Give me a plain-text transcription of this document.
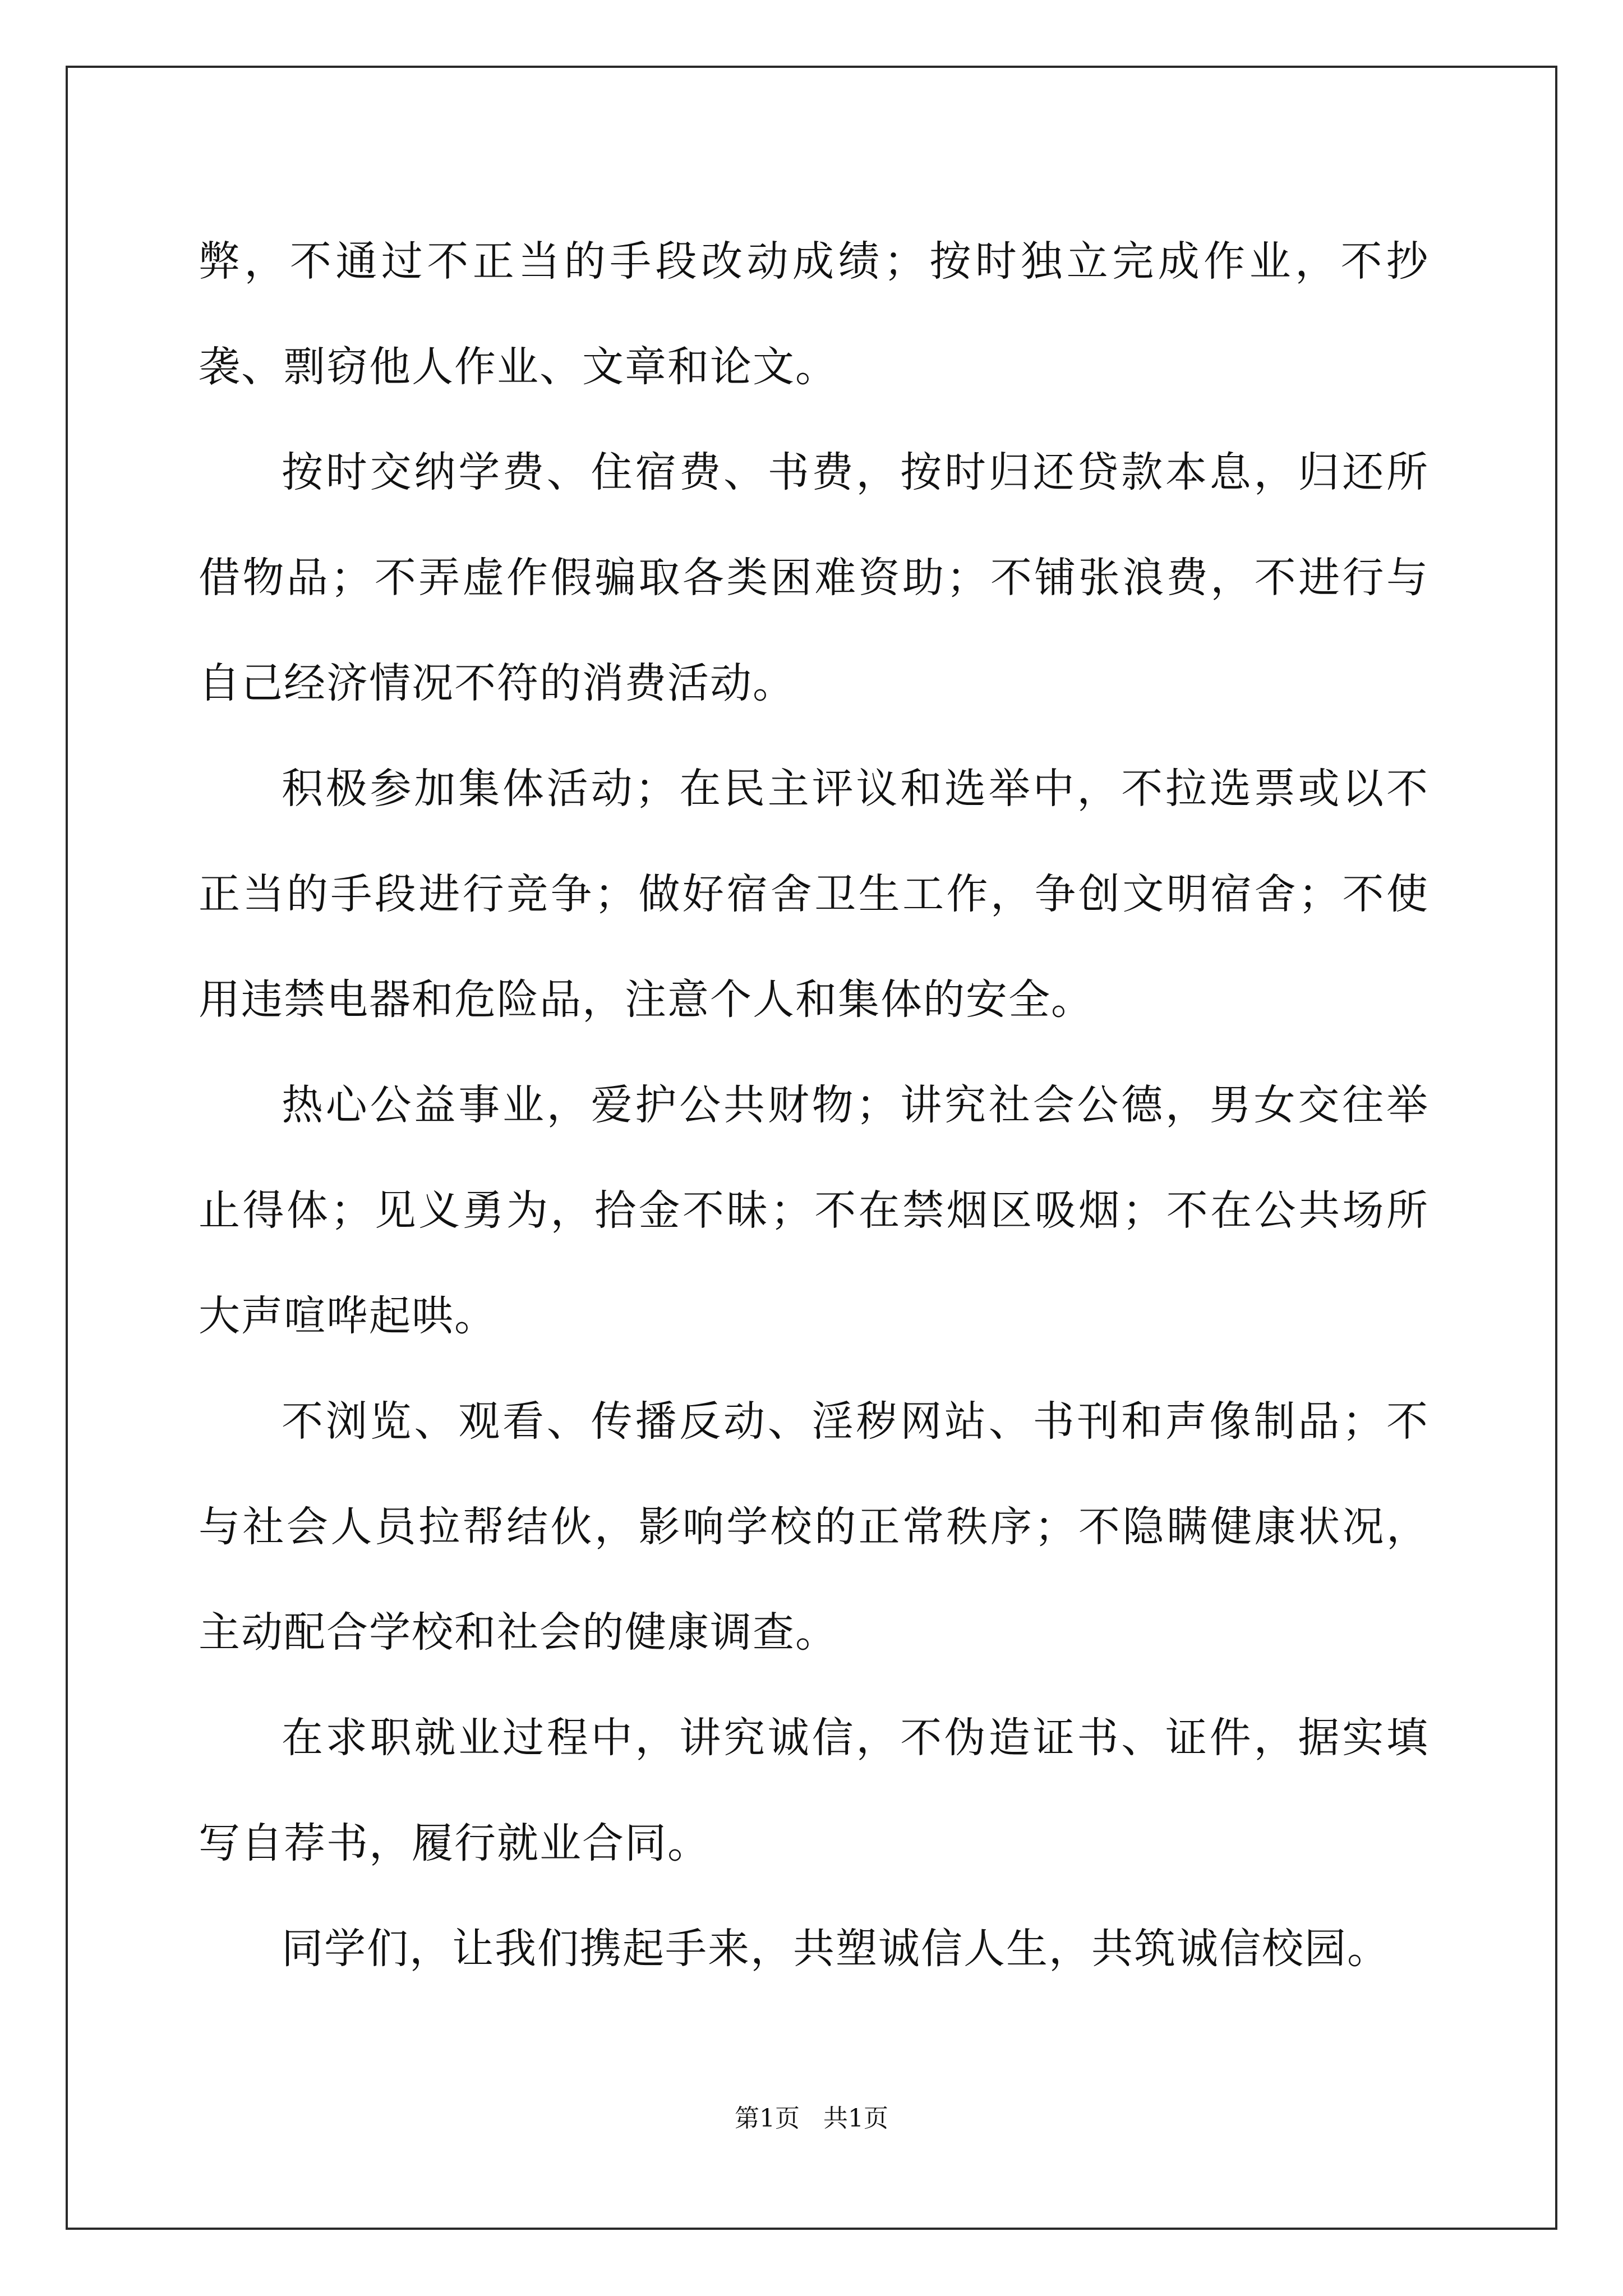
弊，不通过不正当的手段改动成绩；按时独立完成作业，不抄袭、剽窃他人作业、文章和论文。

按时交纳学费、住宿费、书费，按时归还贷款本息，归还所借物品；不弄虚作假骗取各类困难资助；不铺张浪费，不进行与自己经济情况不符的消费活动。

积极参加集体活动；在民主评议和选举中，不拉选票或以不正当的手段进行竞争；做好宿舍卫生工作，争创文明宿舍；不使用违禁电器和危险品，注意个人和集体的安全。

热心公益事业，爱护公共财物；讲究社会公德，男女交往举止得体；见义勇为，拾金不昧；不在禁烟区吸烟；不在公共场所大声喧哗起哄。

不浏览、观看、传播反动、淫秽网站、书刊和声像制品；不与社会人员拉帮结伙，影响学校的正常秩序；不隐瞒健康状况，主动配合学校和社会的健康调查。

在求职就业过程中，讲究诚信，不伪造证书、证件，据实填写自荐书，履行就业合同。

同学们，让我们携起手来，共塑诚信人生，共筑诚信校园。

第1页   共1页
